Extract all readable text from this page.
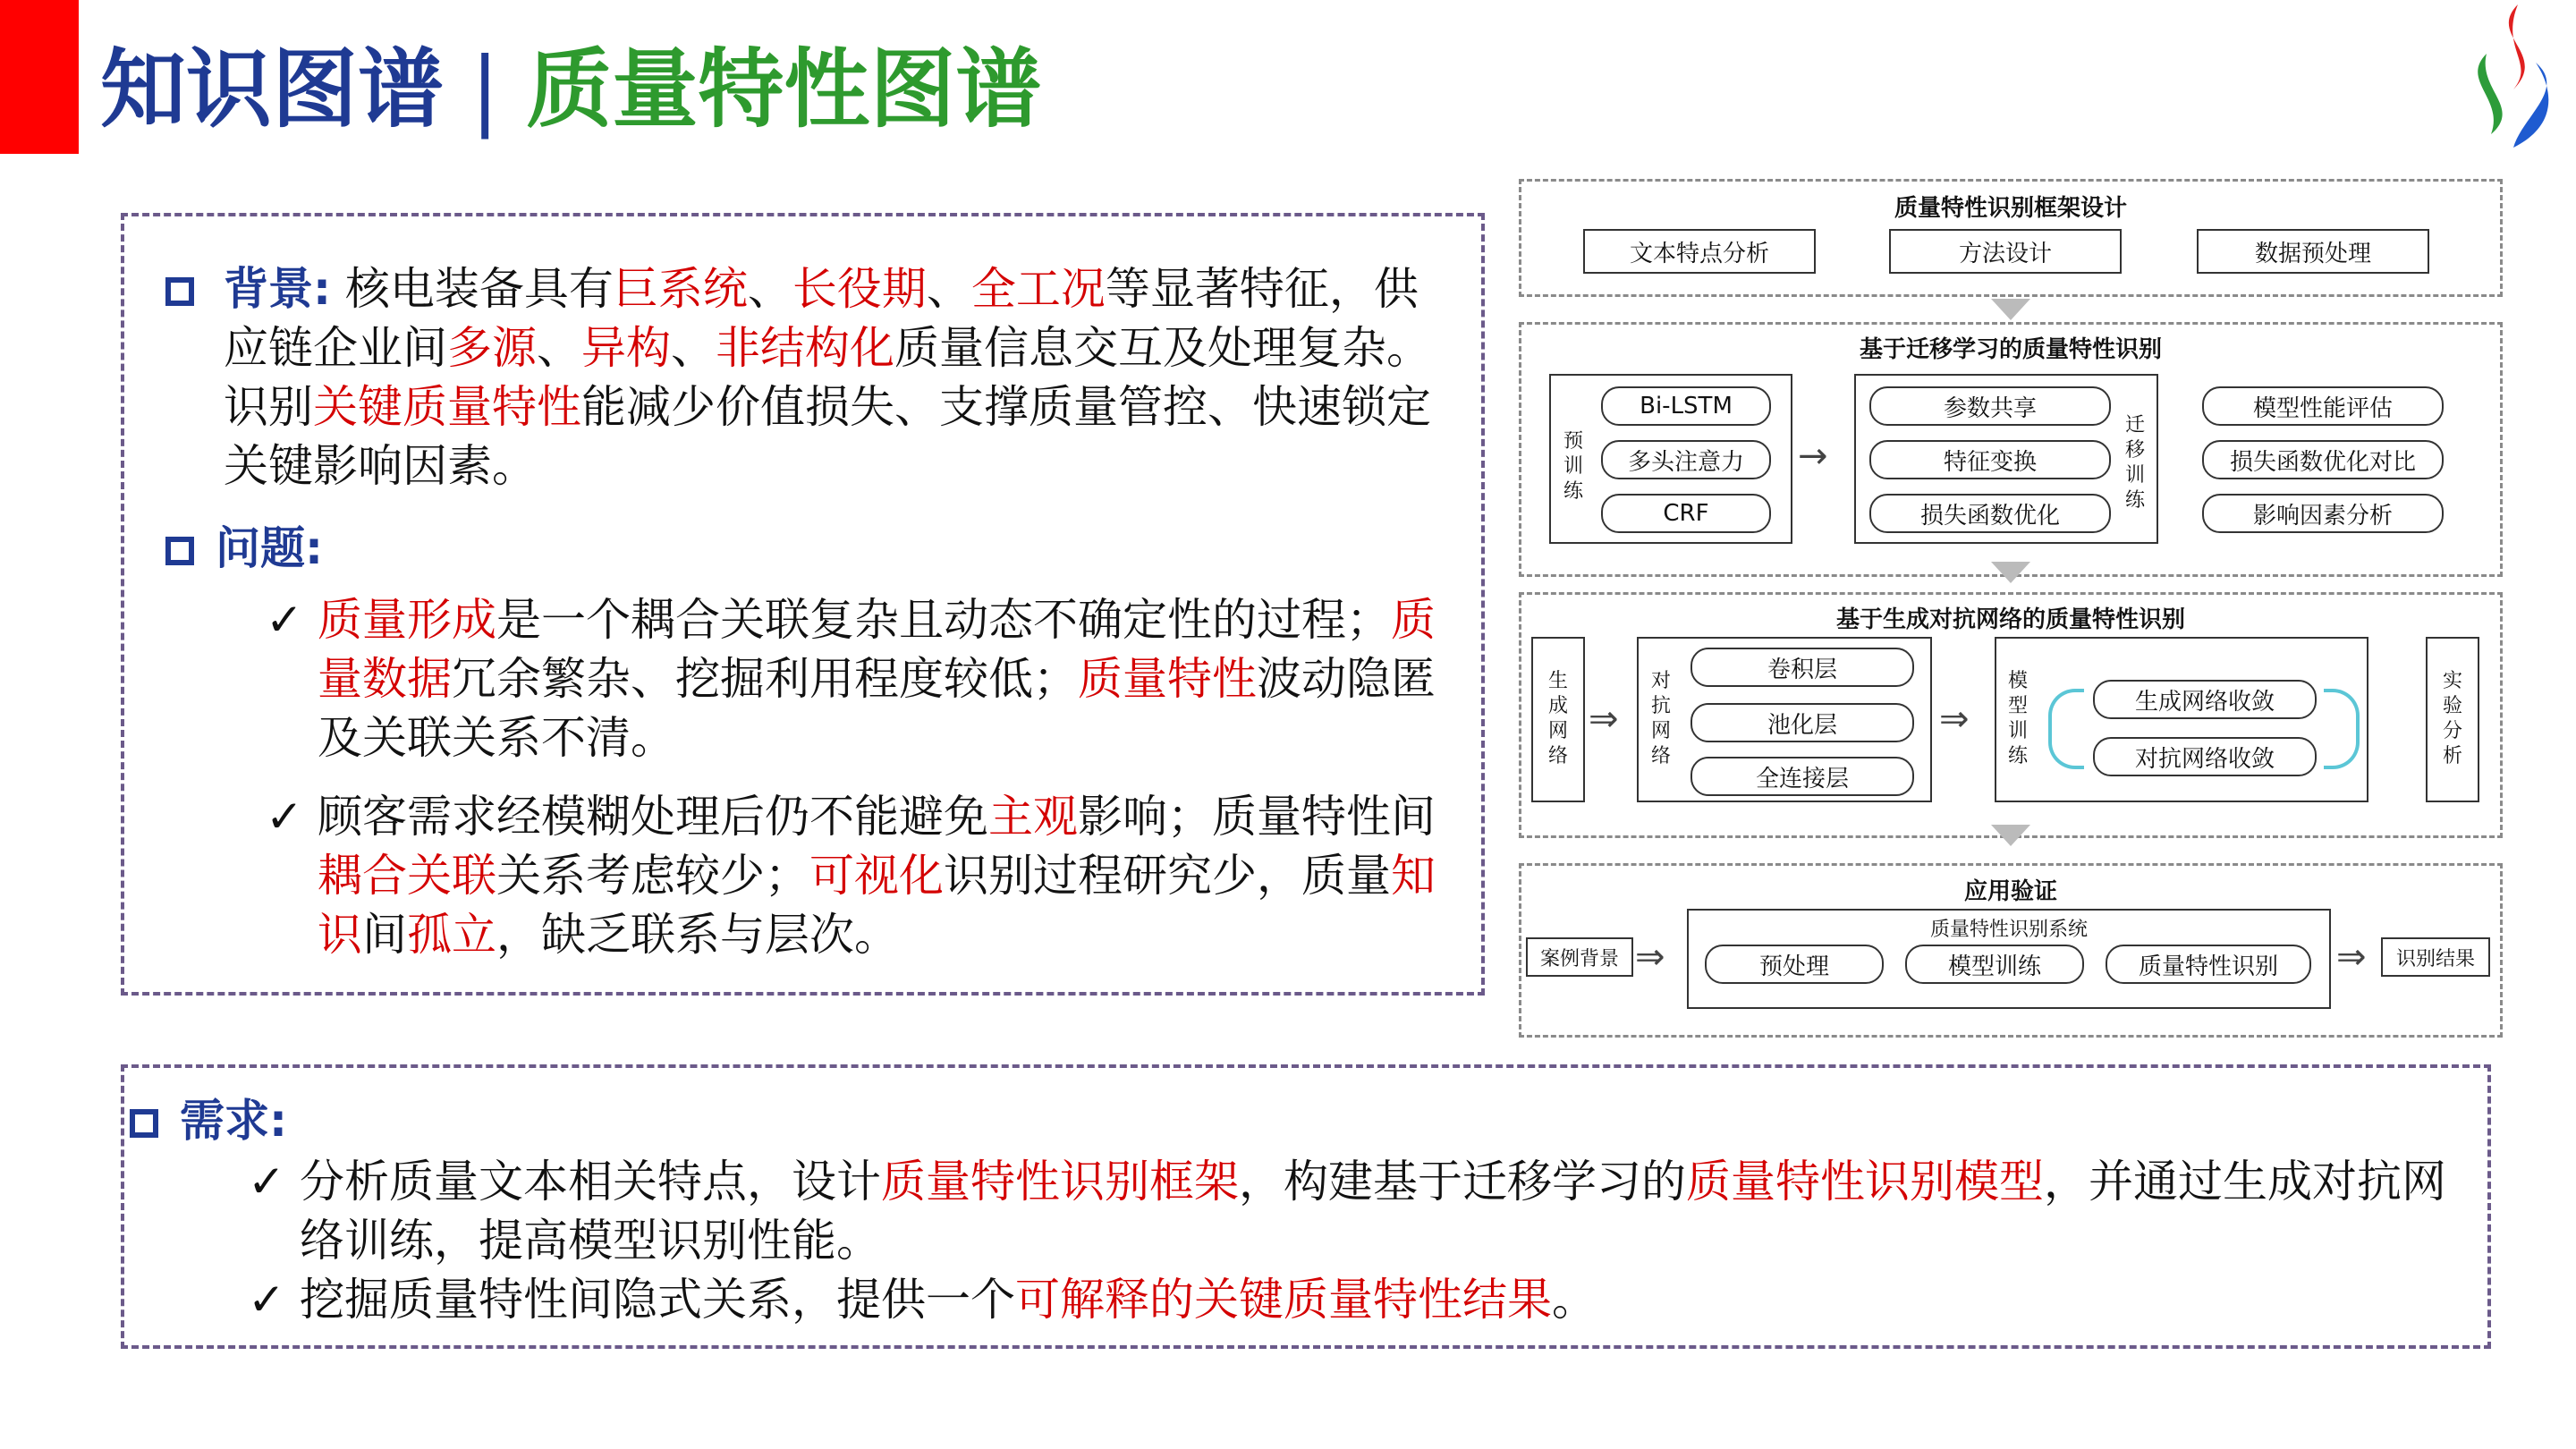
知识图谱 | 质量特性图谱
背景: 核电装备具有巨系统、长役期、全工况等显著特征，供应链企业间多源、异构、非结构化质量信息交互及处理复杂。识别关键质量特性能减少价值损失、支撑质量管控、快速锁定关键影响因素。
问题:
✓ 质量形成是一个耦合关联复杂且动态不确定性的过程；质量数据冗余繁杂、挖掘利用程度较低；质量特性波动隐匿及关联关系不清。
✓ 顾客需求经模糊处理后仍不能避免主观影响；质量特性间耦合关联关系考虑较少；可视化识别过程研究少，质量知识间孤立，缺乏联系与层次。
需求:
✓ 分析质量文本相关特点，设计质量特性识别框架，构建基于迁移学习的质量特性识别模型，并通过生成对抗网络训练，提高模型识别性能。
✓ 挖掘质量特性间隐式关系，提供一个可解释的关键质量特性结果。
质量特性识别框架设计
文本特点分析	方法设计	数据预处理
基于迁移学习的质量特性识别
预
训
练
Bi-LSTM
多头注意力
CRF
→
参数共享
特征变换
损失函数优化
迁
移
训
练
模型性能评估
损失函数优化对比
影响因素分析
基于生成对抗网络的质量特性识别
生
成
网
络
⇒
对
抗
网
络
卷积层
池化层
全连接层
⇒
模
型
训
练
生成网络收敛
对抗网络收敛
实
验
分
析
应用验证
案例背景 ⇒
质量特性识别系统
预处理	模型训练	质量特性识别	⇒	识别结果
